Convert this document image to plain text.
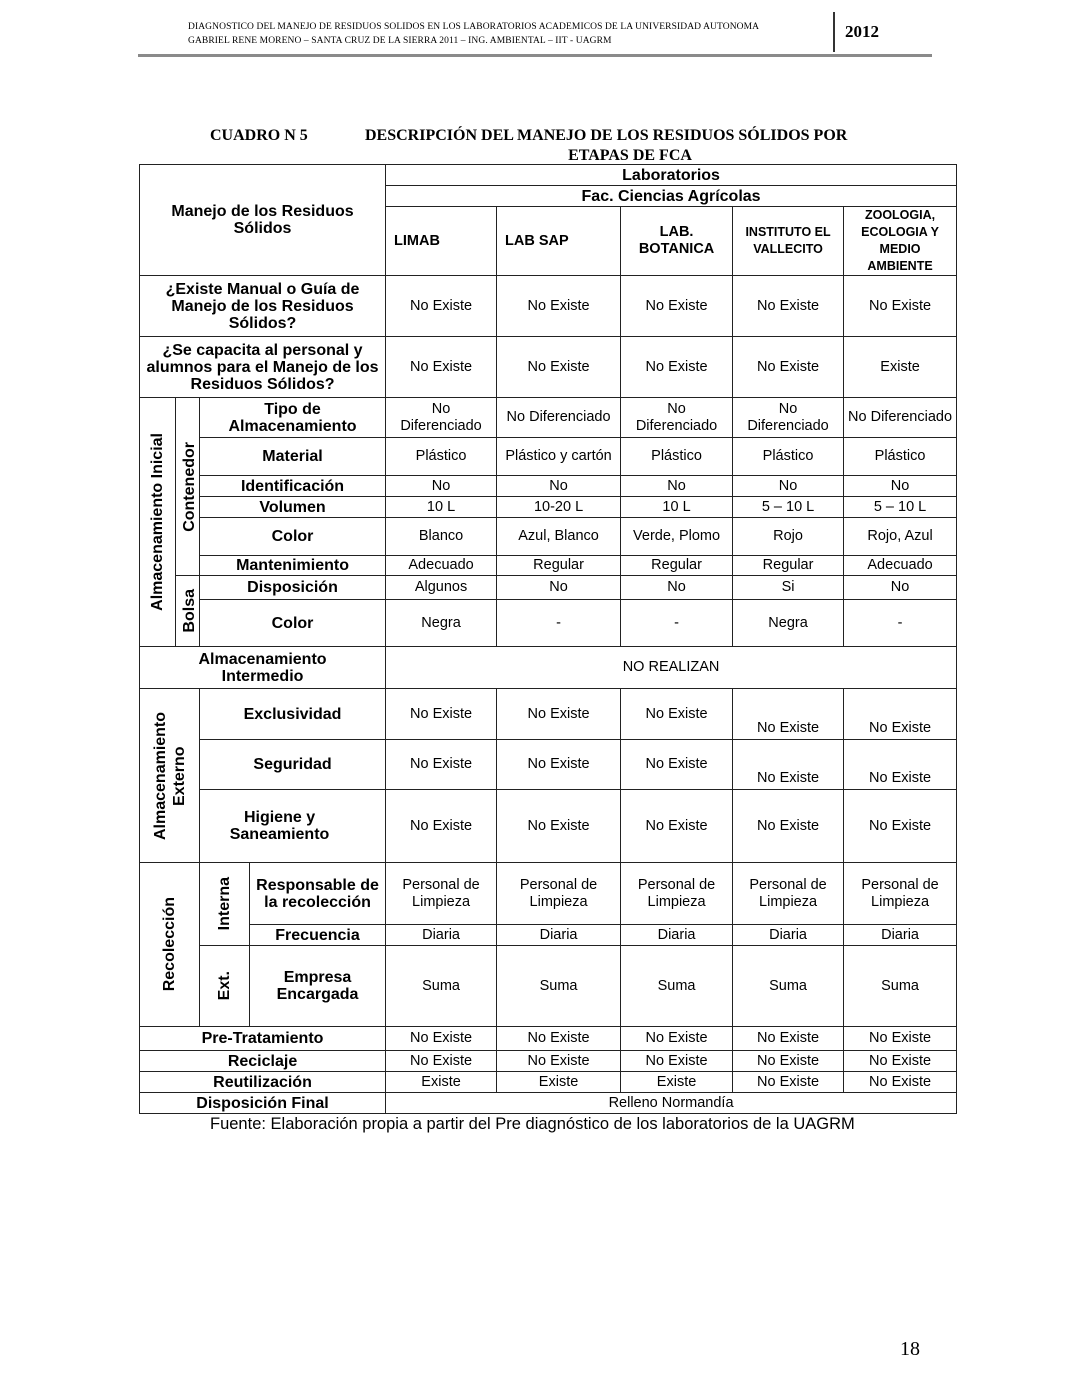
DIAGNOSTICO DEL MANEJO DE RESIDUOS SOLIDOS EN LOS LABORATORIOS ACADEMICOS DE LA UNIVERSIDAD AUTONOMA
GABRIEL RENE MORENO – SANTA CRUZ DE LA SIERRA 2011 – ING. AMBIENTAL – IIT - UAGRM	2012
CUADRO N 5	DESCRIPCIÓN DEL MANEJO DE LOS RESIDUOS SÓLIDOS POR
ETAPAS DE FCA
Manejo de los Residuos Sólidos				Laboratorios				
				Fac. Ciencias Agrícolas				
				LIMAB	LAB SAP	LAB. BOTANICA	INSTITUTO EL VALLECITO	ZOOLOGIA, ECOLOGIA Y MEDIO AMBIENTE
¿Existe Manual o Guía de Manejo de los Residuos Sólidos?				No Existe	No Existe	No Existe	No Existe	No Existe
¿Se capacita al personal y alumnos para el Manejo de los Residuos Sólidos?				No Existe	No Existe	No Existe	No Existe	Existe

Almacenamiento Inicial	Contenedor	Tipo de Almacenamiento		No Diferenciado	No Diferenciado	No Diferenciado	No Diferenciado	No Diferenciado
		Material		Plástico	Plástico y cartón	Plástico	Plástico	Plástico
		Identificación		No	No	No	No	No
		Volumen		10 L	10-20 L	10 L	5 – 10 L	5 – 10 L
		Color		Blanco	Azul, Blanco	Verde, Plomo	Rojo	Rojo, Azul
		Mantenimiento		Adecuado	Regular	Regular	Regular	Adecuado

	Bolsa	Disposición		Algunos	No	No	Si	No
		Color		Negra	-	-	Negra	-
Almacenamiento Intermedio				NO REALIZAN				

Almacenamiento Externo		Exclusividad		No Existe	No Existe	No Existe	No Existe	No Existe
		Seguridad		No Existe	No Existe	No Existe	No Existe	No Existe
		Higiene y Saneamiento		No Existe	No Existe	No Existe	No Existe	No Existe

Recolección		Interna	Responsable de la recolección	Personal de Limpieza	Personal de Limpieza	Personal de Limpieza	Personal de Limpieza	Personal de Limpieza
			Frecuencia	Diaria	Diaria	Diaria	Diaria	Diaria

		Ext.	Empresa Encargada	Suma	Suma	Suma	Suma	Suma
Pre-Tratamiento				No Existe	No Existe	No Existe	No Existe	No Existe
Reciclaje				No Existe	No Existe	No Existe	No Existe	No Existe
Reutilización				Existe	Existe	Existe	No Existe	No Existe
Disposición Final				Relleno Normandía				
Fuente: Elaboración propia a partir del Pre diagnóstico de los laboratorios de la UAGRM
18
